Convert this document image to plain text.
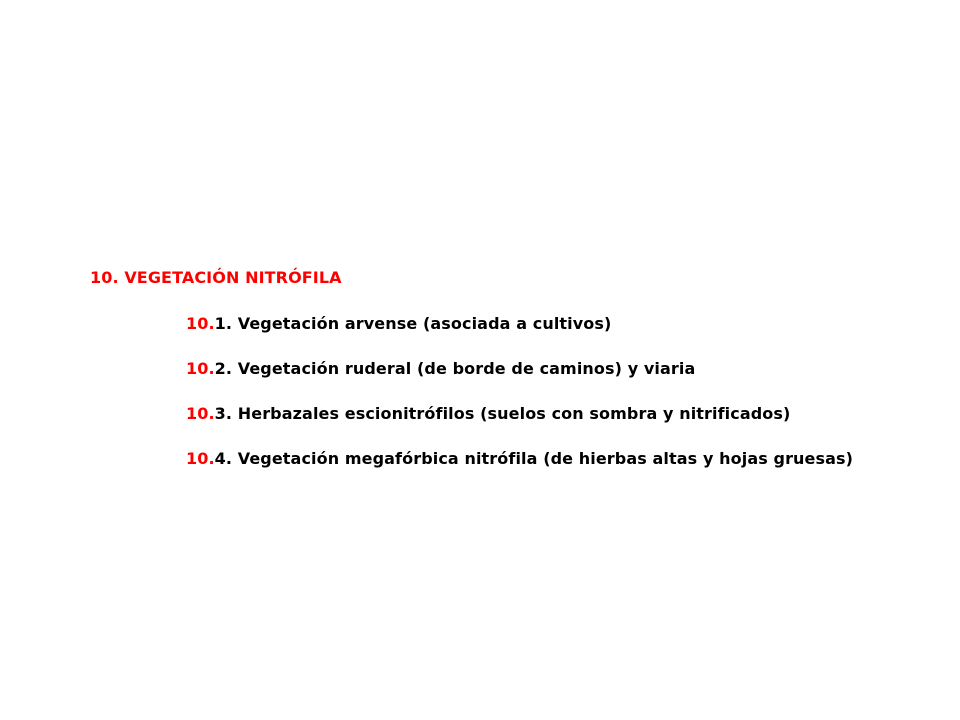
10. VEGETACIÓN NITRÓFILA
10.1. Vegetación arvense (asociada a cultivos)
10.2. Vegetación ruderal (de borde de caminos) y viaria
10.3. Herbazales escionitrófilos (suelos con sombra y nitrificados)
10.4. Vegetación megafórbica nitrófila (de hierbas altas y hojas gruesas)
